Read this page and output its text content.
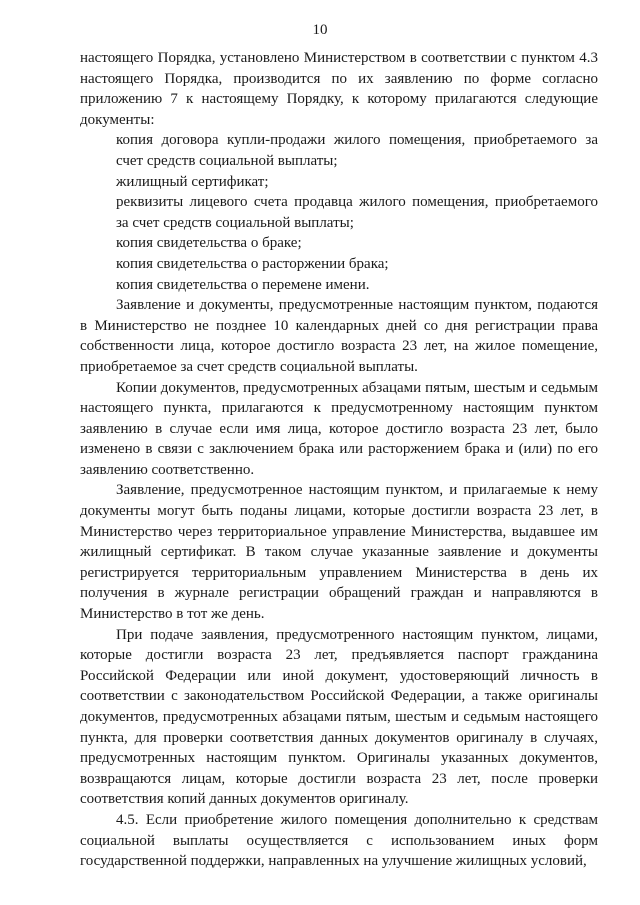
10

настоящего Порядка, установлено Министерством в соответствии с пунктом 4.3 настоящего Порядка, производится по их заявлению по форме согласно приложению 7 к настоящему Порядку, к которому прилагаются следующие документы:

копия договора купли-продажи жилого помещения, приобретаемого за счет средств социальной выплаты;

жилищный сертификат;

реквизиты лицевого счета продавца жилого помещения, приобретаемого за счет средств социальной выплаты;

копия свидетельства о браке;

копия свидетельства о расторжении брака;

копия свидетельства о перемене имени.

Заявление и документы, предусмотренные настоящим пунктом, подаются в Министерство не позднее 10 календарных дней со дня регистрации права собственности лица, которое достигло возраста 23 лет, на жилое помещение, приобретаемое за счет средств социальной выплаты.

Копии документов, предусмотренных абзацами пятым, шестым и седьмым настоящего пункта, прилагаются к предусмотренному настоящим пунктом заявлению в случае если имя лица, которое достигло возраста 23 лет, было изменено в связи с заключением брака или расторжением брака и (или) по его заявлению соответственно.

Заявление, предусмотренное настоящим пунктом, и прилагаемые к нему документы могут быть поданы лицами, которые достигли возраста 23 лет, в Министерство через территориальное управление Министерства, выдавшее им жилищный сертификат. В таком случае указанные заявление и документы регистрируется территориальным управлением Министерства в день их получения в журнале регистрации обращений граждан и направляются в Министерство в тот же день.

При подаче заявления, предусмотренного настоящим пунктом, лицами, которые достигли возраста 23 лет, предъявляется паспорт гражданина Российской Федерации или иной документ, удостоверяющий личность в соответствии с законодательством Российской Федерации, а также оригиналы документов, предусмотренных абзацами пятым, шестым и седьмым настоящего пункта, для проверки соответствия данных документов оригиналу в случаях, предусмотренных настоящим пунктом. Оригиналы указанных документов, возвращаются лицам, которые достигли возраста 23 лет, после проверки соответствия копий данных документов оригиналу.

4.5. Если приобретение жилого помещения дополнительно к средствам социальной выплаты осуществляется с использованием иных форм государственной поддержки, направленных на улучшение жилищных условий,
